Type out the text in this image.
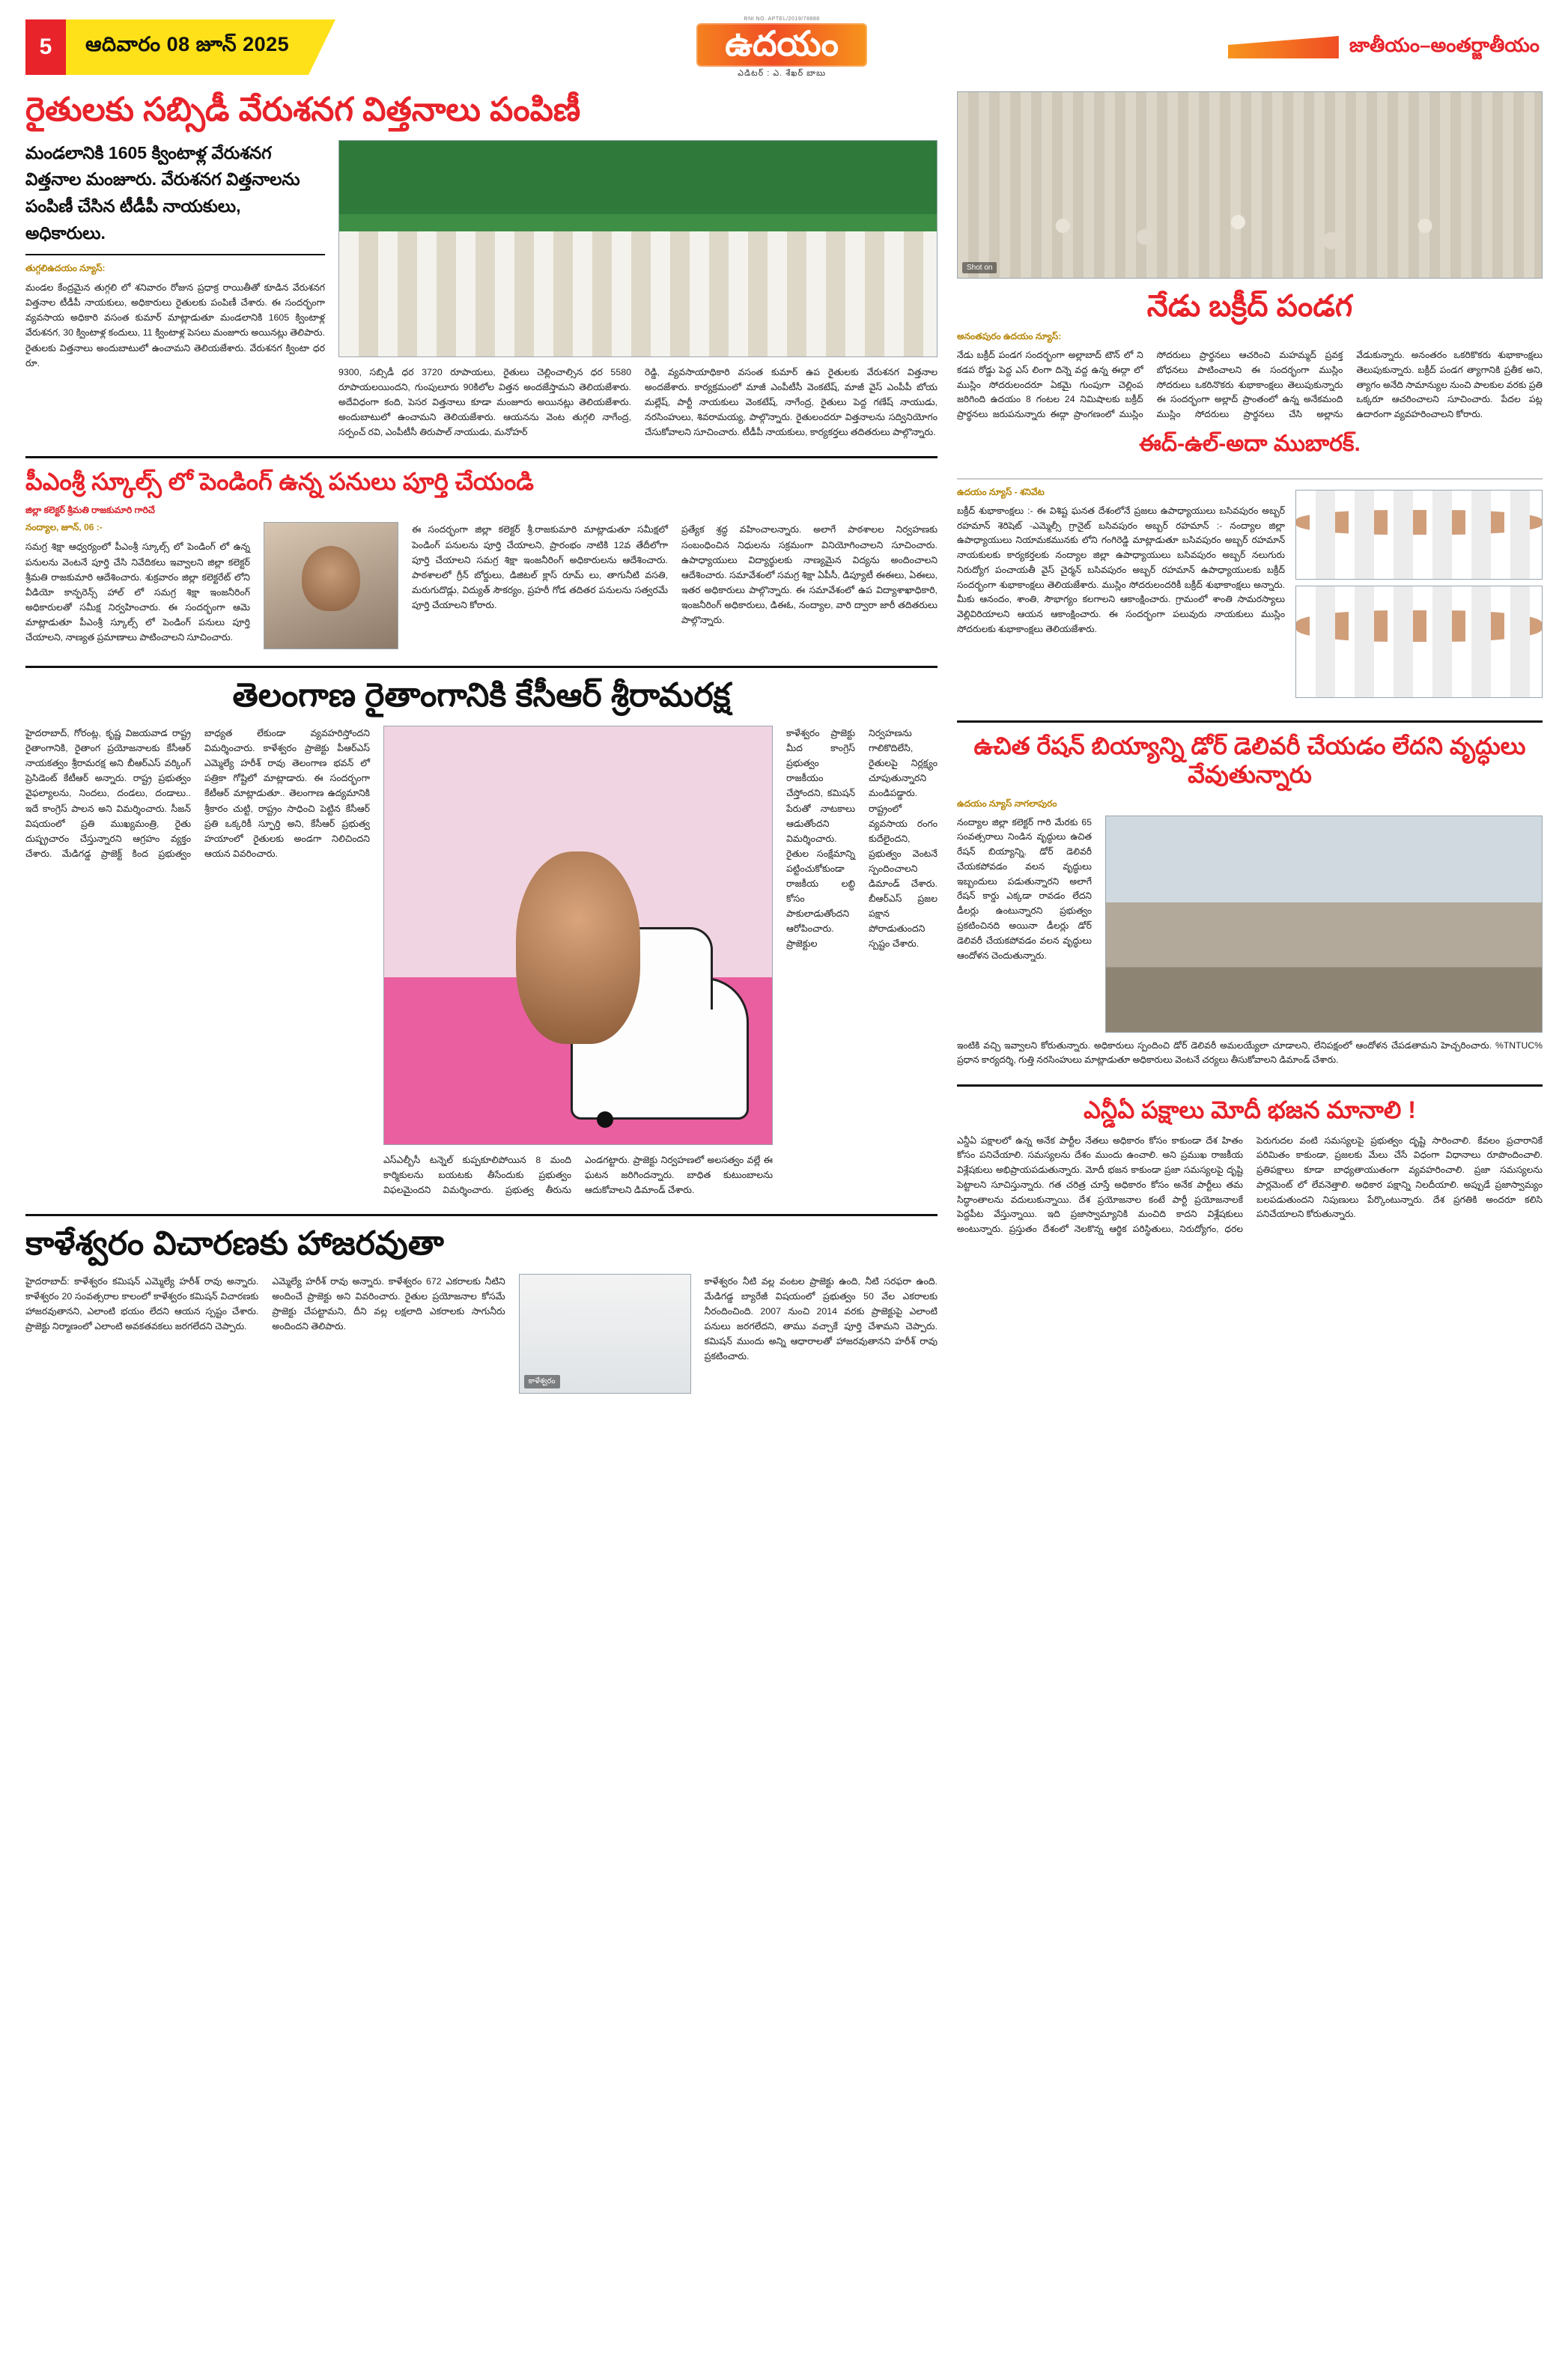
5	ఆదివారం 08 జూన్ 2025
RNI NO. APTEL/2019/78888
ఉదయం
ఎడిటర్ : ఎ. శేఖర్ బాబు
జాతీయం–అంతర్జాతీయం
రైతులకు సబ్సిడీ వేరుశనగ విత్తనాలు పంపిణీ
మండలానికి 1605 క్వింటాళ్ల వేరుశనగ విత్తనాల మంజూరు. వేరుశనగ విత్తనాలను పంపిణీ చేసిన టీడీపీ నాయకులు, అధికారులు.
తుగ్గలిఉదయం న్యూస్:
మండల కేంద్రమైన తుగ్గలి లో శనివారం రోజున ప్రధాక్ర రాయితీతో కూడిన వేరుశనగ విత్తనాల టీడీపీ నాయకులు, అధికారులు రైతులకు పంపిణీ చేశారు. ఈ సందర్భంగా వ్యవసాయ అధికారి వసంత కుమార్ మాట్లాడుతూ మండలానికి 1605 క్వింటాళ్ల వేరుశనగ, 30 క్వింటాళ్ల కందులు, 11 క్వింటాళ్ల పెసలు మంజూరు అయినట్లు తెలిపారు. రైతులకు విత్తనాలు అందుబాటులో ఉంచామని తెలియజేశారు. వేరుశనగ క్వింటా ధర రూ.
9300, సబ్సిడీ ధర 3720 రూపాయలు, రైతులు చెల్లించాల్సిన ధర 5580 రూపాయలయిందని, గుంపులూరు 90కిలోల విత్తన అందజేస్తామని తెలియజేశారు. అదేవిధంగా కంది, పెసర విత్తనాలు కూడా మంజూరు అయినట్లు తెలియజేశారు. అందుబాటులో ఉంచామని తెలియజేశారు. ఆయనను వెంట తుగ్గలి నాగేంద్ర, సర్పంచ్ రవి, ఎంపీటీసీ తిరుపాల్ నాయుడు, మనోహర్
రెడ్డి, వ్యవసాయాధికారి వసంత కుమార్ ఉప రైతులకు వేరుశనగ విత్తనాల అందజేశారు. కార్యక్రమంలో మాజీ ఎంపీటీసీ వెంకటేష్, మాజీ వైస్ ఎంపీపీ బోయ మల్లేష్, పార్టీ నాయకులు వెంకటేష్, నాగేంద్ర, రైతులు పెద్ద గణేష్ నాయుడు, నరసింహులు, శివరామయ్య, పాల్గొన్నారు. రైతులందరూ విత్తనాలను సద్వినియోగం చేసుకోవాలని సూచించారు. టీడీపీ నాయకులు, కార్యకర్తలు తదితరులు పాల్గొన్నారు.
పీఎంశ్రీ స్కూల్స్ లో పెండింగ్ ఉన్న పనులు పూర్తి చేయండి
జిల్లా కలెక్టర్ శ్రీమతి రాజకుమారి గారిచే
నంద్యాల, జూన్, 06 :-
సమగ్ర శిక్షా ఆధ్వర్యంలో పీఎంశ్రీ స్కూల్స్ లో పెండింగ్ లో ఉన్న పనులను వెంటనే పూర్తి చేసి నివేదికలు ఇవ్వాలని జిల్లా కలెక్టర్ శ్రీమతి రాజకుమారి ఆదేశించారు. శుక్రవారం జిల్లా కలెక్టరేట్ లోని వీడియో కాన్ఫరెన్స్ హాల్ లో సమగ్ర శిక్షా ఇంజనీరింగ్ అధికారులతో సమీక్ష నిర్వహించారు. ఈ సందర్భంగా ఆమె మాట్లాడుతూ పీఎంశ్రీ స్కూల్స్ లో పెండింగ్ పనులు పూర్తి చేయాలని, నాణ్యత ప్రమాణాలు పాటించాలని సూచించారు.
ఈ సందర్భంగా జిల్లా కలెక్టర్ శ్రీ.రాజకుమారి మాట్లాడుతూ సమీక్షలో పెండింగ్ పనులను పూర్తి చేయాలని, ప్రారంభం నాటికి 12వ తేదీలోగా పూర్తి చేయాలని సమగ్ర శిక్షా ఇంజనీరింగ్ అధికారులను ఆదేశించారు. పాఠశాలలో గ్రీన్ బోర్డులు, డిజిటల్ క్లాస్ రూమ్ లు, తాగునీటి వసతి, మరుగుదొడ్లు, విద్యుత్ సౌకర్యం, ప్రహరీ గోడ తదితర పనులను సత్వరమే పూర్తి చేయాలని కోరారు.
ప్రత్యేక శ్రద్ధ వహించాలన్నారు. అలాగే పాఠశాలల నిర్వహణకు సంబంధించిన నిధులను సక్రమంగా వినియోగించాలని సూచించారు. ఉపాధ్యాయులు విద్యార్థులకు నాణ్యమైన విద్యను అందించాలని ఆదేశించారు. సమావేశంలో సమగ్ర శిక్షా ఏపీసీ, డిప్యూటీ ఈఈలు, ఏఈలు, ఇతర అధికారులు పాల్గొన్నారు. ఈ సమావేశంలో ఉప విద్యాశాఖాధికారి, ఇంజనీరింగ్ అధికారులు, డిఈఓ, నంద్యాల, వారి ద్వారా జారీ తదితరులు పాల్గొన్నారు.
తెలంగాణ రైతాంగానికి కేసీఆర్ శ్రీరామరక్ష
హైదరాబాద్, గోరంట్ల, కృష్ణ విజయవాడ రాష్ట్ర రైతాంగానికి, రైతాంగ ప్రయోజనాలకు కేసీఆర్ నాయకత్వం శ్రీరామరక్ష అని బీఆర్ఎస్ వర్కింగ్ ప్రెసిడెంట్ కేటీఆర్ అన్నారు. రాష్ట్ర ప్రభుత్వం వైఫల్యాలను, నిందలు, దండలు, దండాలు.. ఇదే కాంగ్రెస్ పాలన అని విమర్శించారు. సీజన్ విషయంలో ప్రతి ముఖ్యమంత్రి, రైతు దుష్ప్రచారం చేస్తున్నారని ఆగ్రహం వ్యక్తం చేశారు. మేడిగడ్డ ప్రాజెక్ట్ కింద ప్రభుత్వం బాధ్యత లేకుండా వ్యవహరిస్తోందని విమర్శించారు. కాళేశ్వరం ప్రాజెక్టు పీఆర్ఎస్ ఎమ్మెల్యే హరీశ్ రావు తెలంగాణ భవన్ లో పత్రికా గోష్టిలో మాట్లాడారు. ఈ సందర్భంగా కేటీఆర్ మాట్లాడుతూ.. తెలంగాణ ఉద్యమానికి శ్రీకారం చుట్టి, రాష్ట్రం సాధించి పెట్టిన కేసీఆర్ ప్రతి ఒక్కరికీ స్ఫూర్తి అని, కేసీఆర్ ప్రభుత్వ హయాంలో రైతులకు అండగా నిలిచిందని ఆయన వివరించారు.
ఎస్ఎల్బీసీ టన్నెల్ కుప్పకూలిపోయిన 8 మంది కార్మికులను బయటకు తీసేందుకు ప్రభుత్వం విఫలమైందని విమర్శించారు. ప్రభుత్వ తీరును ఎండగట్టారు. ప్రాజెక్టు నిర్వహణలో అలసత్వం వల్లే ఈ ఘటన జరిగిందన్నారు. బాధిత కుటుంబాలను ఆదుకోవాలని డిమాండ్ చేశారు.
కాళేశ్వరం ప్రాజెక్టు మీద కాంగ్రెస్ ప్రభుత్వం రాజకీయం చేస్తోందని, కమిషన్ పేరుతో నాటకాలు ఆడుతోందని విమర్శించారు. రైతుల సంక్షేమాన్ని పట్టించుకోకుండా రాజకీయ లబ్ధి కోసం పాకులాడుతోందని ఆరోపించారు. ప్రాజెక్టుల నిర్వహణను గాలికొదిలేసి, రైతులపై నిర్లక్ష్యం చూపుతున్నారని మండిపడ్డారు. రాష్ట్రంలో వ్యవసాయ రంగం కుదేలైందని, ప్రభుత్వం వెంటనే స్పందించాలని డిమాండ్ చేశారు. బీఆర్ఎస్ ప్రజల పక్షాన పోరాడుతుందని స్పష్టం చేశారు.
కాళేశ్వరం విచారణకు హాజరవుతా
హైదరాబాద్: కాళేశ్వరం కమిషన్ ఎమ్మెల్యే హరీశ్ రావు అన్నారు. కాళేశ్వరం 20 సంవత్సరాల కాలంలో కాళేశ్వరం కమిషన్ విచారణకు హాజరవుతానని, ఎలాంటి భయం లేదని ఆయన స్పష్టం చేశారు. ప్రాజెక్టు నిర్మాణంలో ఎలాంటి అవకతవకలు జరగలేదని చెప్పారు.
ఎమ్మెల్యే హరీశ్ రావు అన్నారు. కాళేశ్వరం 672 ఎకరాలకు నీటిని అందించే ప్రాజెక్టు అని వివరించారు. రైతుల ప్రయోజనాల కోసమే ప్రాజెక్టు చేపట్టామని, దీని వల్ల లక్షలాది ఎకరాలకు సాగునీరు అందిందని తెలిపారు.
కాళేశ్వరం
కాళేశ్వరం నీటి వల్ల వంటల ప్రాజెక్టు ఉంది, నీటి సరఫరా ఉంది. మేడిగడ్డ బ్యారేజీ విషయంలో ప్రభుత్వం 50 వేల ఎకరాలకు నీరందించింది. 2007 నుంచి 2014 వరకు ప్రాజెక్టుపై ఎలాంటి పనులు జరగలేదని, తాము వచ్చాకే పూర్తి చేశామని చెప్పారు. కమిషన్ ముందు అన్ని ఆధారాలతో హాజరవుతానని హరీశ్ రావు ప్రకటించారు.
Shot on
నేడు బక్రీద్ పండగ
అనంతపురం ఉదయం న్యూస్:
నేడు బక్రీద్ పండగ సందర్భంగా అల్లాబాద్ టౌన్ లో ని కడప రోడ్డు పెద్ద ఎస్ లింగా దిన్నె వద్ద ఉన్న ఈద్గా లో ముస్లిం సోదరులందరూ ఏకమై గుంపుగా చెల్లింప జరిగింది ఉదయం 8 గంటల 24 నిమిషాలకు బక్రీద్ ప్రార్థనలు జరుపనున్నారు ఈద్గా ప్రాంగణంలో ముస్లిం సోదరులు ప్రార్థనలు ఆచరించి మహమ్మద్ ప్రవక్త బోధనలు పాటించాలని ఈ సందర్భంగా ముస్లిం సోదరులు ఒకరినొకరు శుభాకాంక్షలు తెలుపుకున్నారు ఈ సందర్భంగా అల్లాద్ ప్రాంతంలో ఉన్న అనేకమంది ముస్లిం సోదరులు ప్రార్థనలు చేసి అల్లాను వేడుకున్నారు. అనంతరం ఒకరికొకరు శుభాకాంక్షలు తెలుపుకున్నారు. బక్రీద్ పండగ త్యాగానికి ప్రతీక అని, త్యాగం అనేది సామాన్యుల నుంచి పాలకుల వరకు ప్రతి ఒక్కరూ ఆచరించాలని సూచించారు. పేదల పట్ల ఉదారంగా వ్యవహరించాలని కోరారు.
ఈద్-ఉల్-అదా ముబారక్.
ఉదయం న్యూస్ - శనివేట
బక్రీద్ శుభాకాంక్షలు :- ఈ విశిష్ట ఘనత దేశంలోనే ప్రజలు ఉపాధ్యాయులు బసివపురం అబ్బర్ రహమాన్ శెరిషెట్ -ఎమ్మెల్సీ గ్రానైట్ బసివపురం అబ్బర్ రహమాన్ :- నంద్యాల జిల్లా ఉపాధ్యాయులు నియామకమునకు లోని గంగిరెడ్డి మాట్లాడుతూ బసివపురం అబ్బర్ రహమాన్ నాయకులకు కార్యకర్తలకు నంద్యాల జిల్లా ఉపాధ్యాయులు బసివపురం అబ్బర్ నలుగురు నిరుద్యోగ పంచాయతీ వైస్ చైర్మన్ బసివపురం అబ్బర్ రహమాన్ ఉపాధ్యాయులకు బక్రీద్ సందర్భంగా శుభాకాంక్షలు తెలియజేశారు. ముస్లిం సోదరులందరికీ బక్రీద్ శుభాకాంక్షలు అన్నారు. మీకు ఆనందం, శాంతి, సౌభాగ్యం కలగాలని ఆకాంక్షించారు. గ్రామంలో శాంతి సామరస్యాలు వెల్లివిరియాలని ఆయన ఆకాంక్షించారు. ఈ సందర్భంగా పలువురు నాయకులు ముస్లిం సోదరులకు శుభాకాంక్షలు తెలియజేశారు.
ఉచిత రేషన్ బియ్యాన్ని డోర్ డెలివరీ చేయడం లేదని వృద్ధులు వేవుతున్నారు
ఉదయం న్యూస్ నాగలాపురం
నంద్యాల జిల్లా కలెక్టర్ గారి మేరకు 65 సంవత్సరాలు నిండిన వృద్ధులు ఉచిత రేషన్ బియ్యాన్ని, డోర్ డెలివరీ చేయకపోవడం వలన వృద్ధులు ఇబ్బందులు పడుతున్నారని అలాగే రేషన్ కార్డు ఎక్కడా రావడం లేదని డీలర్లు ఉంటున్నారని ప్రభుత్వం ప్రకటించినది అయినా డీలర్లు డోర్ డెలివరీ చేయకపోవడం వలన వృద్ధులు ఆందోళన చెందుతున్నారు.
ఇంటికి వచ్చి ఇవ్వాలని కోరుతున్నారు. అధికారులు స్పందించి డోర్ డెలివరీ అమలయ్యేలా చూడాలని, లేనిపక్షంలో ఆందోళన చేపడతామని హెచ్చరించారు. %TNTUC% ప్రధాన కార్యదర్శి, గుత్తి నరసింహులు మాట్లాడుతూ అధికారులు వెంటనే చర్యలు తీసుకోవాలని డిమాండ్ చేశారు.
ఎన్డీఏ పక్షాలు మోదీ భజన మానాలి !
ఎన్డీఏ పక్షాలలో ఉన్న అనేక పార్టీల నేతలు అధికారం కోసం కాకుండా దేశ హితం కోసం పనిచేయాలి. సమస్యలను దేశం ముందు ఉంచాలి. అని ప్రముఖ రాజకీయ విశ్లేషకులు అభిప్రాయపడుతున్నారు. మోదీ భజన కాకుండా ప్రజా సమస్యలపై దృష్టి పెట్టాలని సూచిస్తున్నారు. గత చరిత్ర చూస్తే అధికారం కోసం అనేక పార్టీలు తమ సిద్ధాంతాలను వదులుకున్నాయి. దేశ ప్రయోజనాల కంటే పార్టీ ప్రయోజనాలకే పెద్దపీట వేస్తున్నాయి. ఇది ప్రజాస్వామ్యానికి మంచిది కాదని విశ్లేషకులు అంటున్నారు. ప్రస్తుతం దేశంలో నెలకొన్న ఆర్థిక పరిస్థితులు, నిరుద్యోగం, ధరల పెరుగుదల వంటి సమస్యలపై ప్రభుత్వం దృష్టి సారించాలి. కేవలం ప్రచారానికే పరిమితం కాకుండా, ప్రజలకు మేలు చేసే విధంగా విధానాలు రూపొందించాలి. ప్రతిపక్షాలు కూడా బాధ్యతాయుతంగా వ్యవహరించాలి. ప్రజా సమస్యలను పార్లమెంట్ లో లేవనెత్తాలి. అధికార పక్షాన్ని నిలదీయాలి. అప్పుడే ప్రజాస్వామ్యం బలపడుతుందని నిపుణులు పేర్కొంటున్నారు. దేశ ప్రగతికి అందరూ కలిసి పనిచేయాలని కోరుతున్నారు.
